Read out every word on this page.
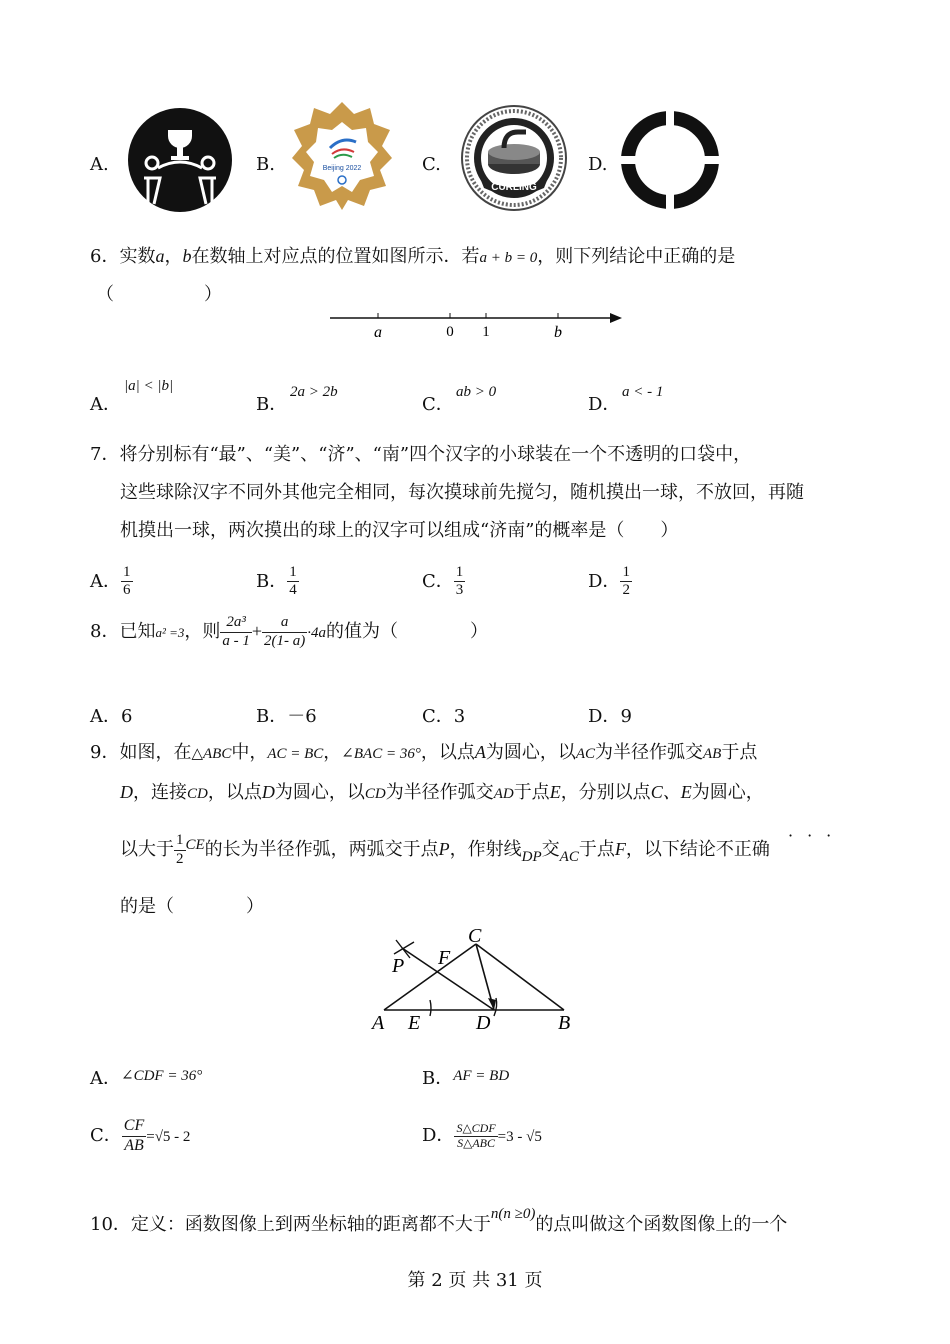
A.	B.	Beijing 2022	C.
CURLING
D.
6．实数a，b在数轴上对应点的位置如图所示．若a + b = 0，则下列结论中正确的是
（　　　　　）
a	0 1	b
A．
|a| < |b|
B．
2a > 2b
C．
ab > 0
D．
a < - 1
7．将分别标有“最”、“美”、“济”、“南”四个汉字的小球装在一个不透明的口袋中，
这些球除汉字不同外其他完全相同，每次摸球前先搅匀，随机摸出一球，不放回，再随
机摸出一球，两次摸出的球上的汉字可以组成“济南”的概率是（　　）
A． $\frac{1}{6}$	B． $\frac{1}{4}$	C． $\frac{1}{3}$	D． $\frac{1}{2}$
8．已知a² =3，则 $\frac{\text{2a³}}{a - 1} + \frac{a}{2(1- a)} \cdot 4a$的值为（　　　　）
A．6	B．－6	C．3	D．9
9．如图，在△ABC中，AC = BC，∠BAC = 36°，以点A为圆心，以AC为半径作弧交AB于点
D，连接CD，以点D为圆心，以CD为半径作弧交AD于点E，分别以点C、E为圆心，
以大于 $\frac{1}{2} ^{CE}$的长为半径作弧，两弧交于点P，作射线$_{DP}$交$_{AC}$于点F，以下结论不正确
···
的是（　　　　）
A E	D	B
C
F
P
A．$^{\angle CDF = 36^\circ}$	B．$^{AF = BD}$
C． $\frac{CF}{AB} =√5 - 2$	D． $\frac{\text{S△CDF}}{\text{S△ABC}} =3 - √5$
10．定义：函数图像上到两坐标轴的距离都不大于$^{n(n \ge 0)}$的点叫做这个函数图像上的一个
第 2 页 共 31 页
